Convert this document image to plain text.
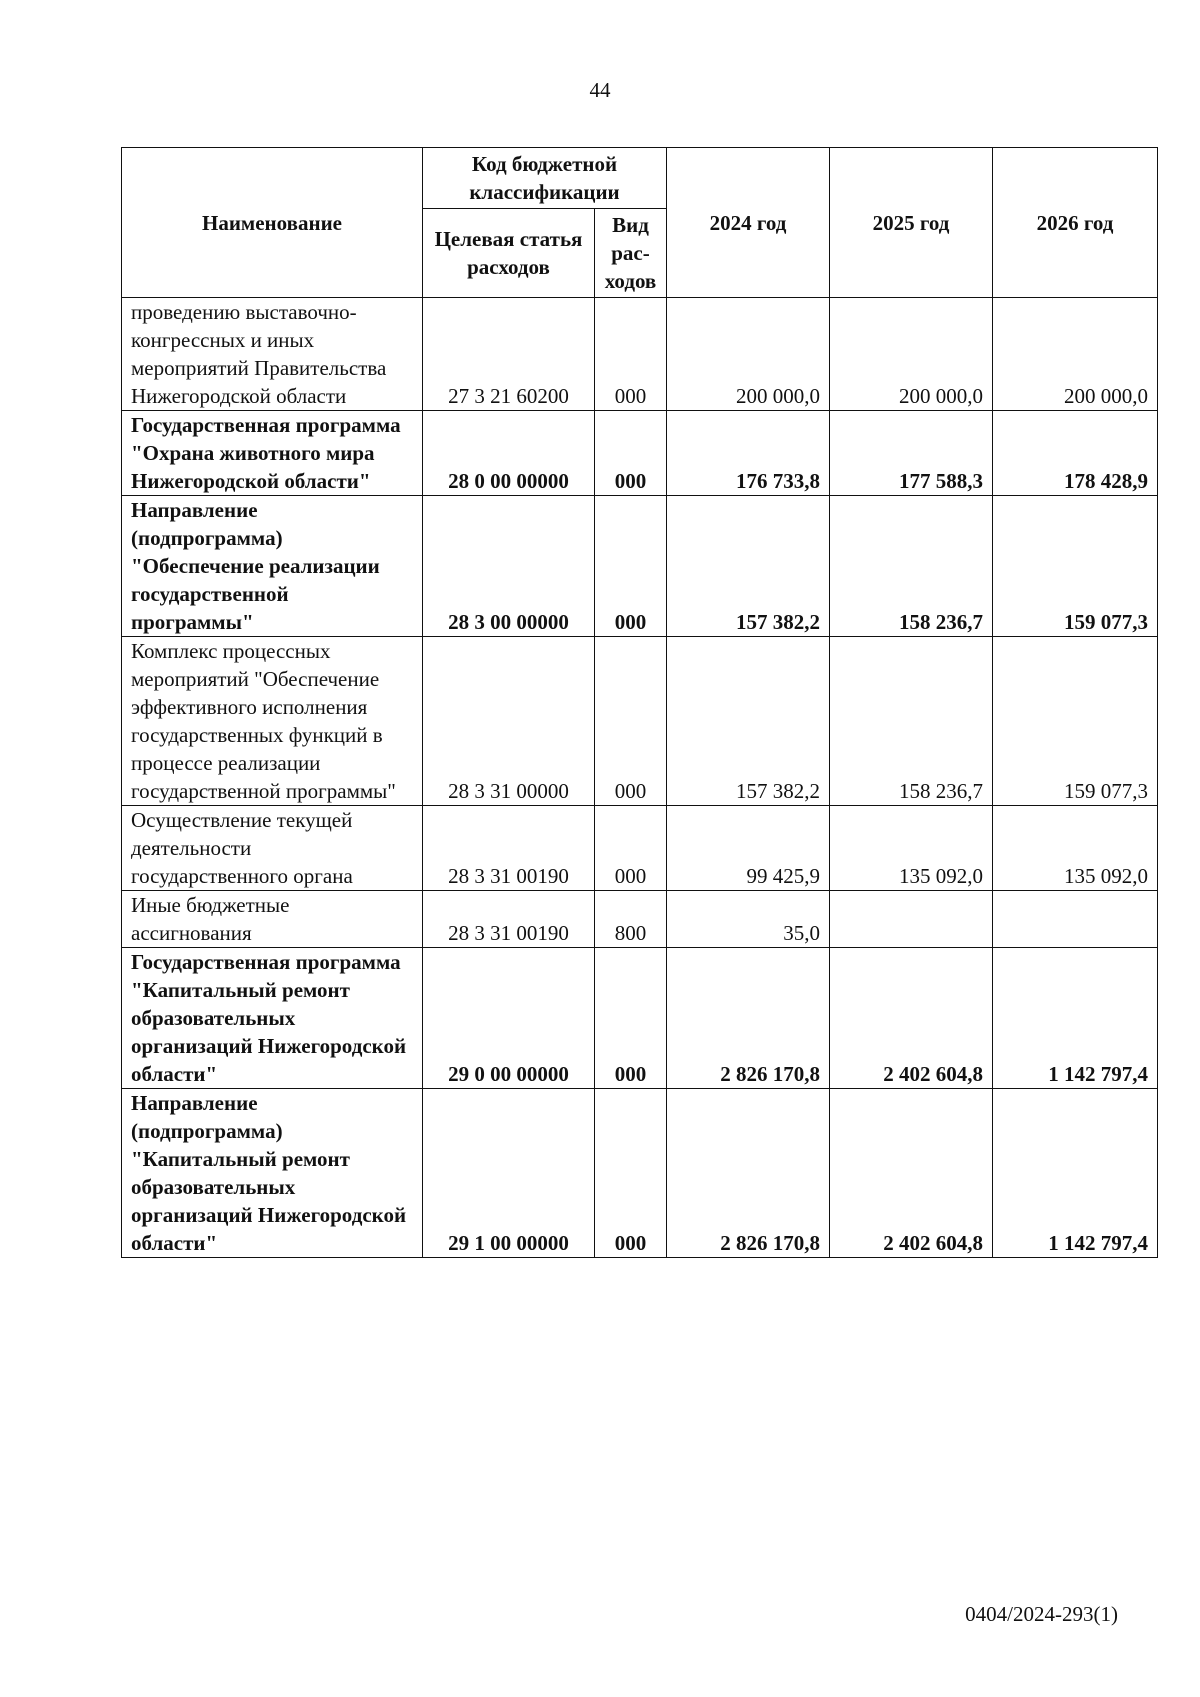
44
Наименование	Код бюджетной классификации		2024 год	2025 год	2026 год
	Целевая статья расходов	Вид рас-ходов			
проведению выставочно-конгрессных и иных мероприятий Правительства Нижегородской области	27 3 21 60200	000	200 000,0	200 000,0	200 000,0
Государственная программа "Охрана животного мира Нижегородской области"	28 0 00 00000	000	176 733,8	177 588,3	178 428,9
Направление (подпрограмма) "Обеспечение реализации государственной программы"	28 3 00 00000	000	157 382,2	158 236,7	159 077,3
Комплекс процессных мероприятий "Обеспечение эффективного исполнения государственных функций в процессе реализации государственной программы"	28 3 31 00000	000	157 382,2	158 236,7	159 077,3
Осуществление текущей деятельности государственного органа	28 3 31 00190	000	99 425,9	135 092,0	135 092,0
Иные бюджетные ассигнования	28 3 31 00190	800	35,0		
Государственная программа "Капитальный ремонт образовательных организаций Нижегородской области"	29 0 00 00000	000	2 826 170,8	2 402 604,8	1 142 797,4
Направление (подпрограмма) "Капитальный ремонт образовательных организаций Нижегородской области"	29 1 00 00000	000	2 826 170,8	2 402 604,8	1 142 797,4
0404/2024-293(1)
